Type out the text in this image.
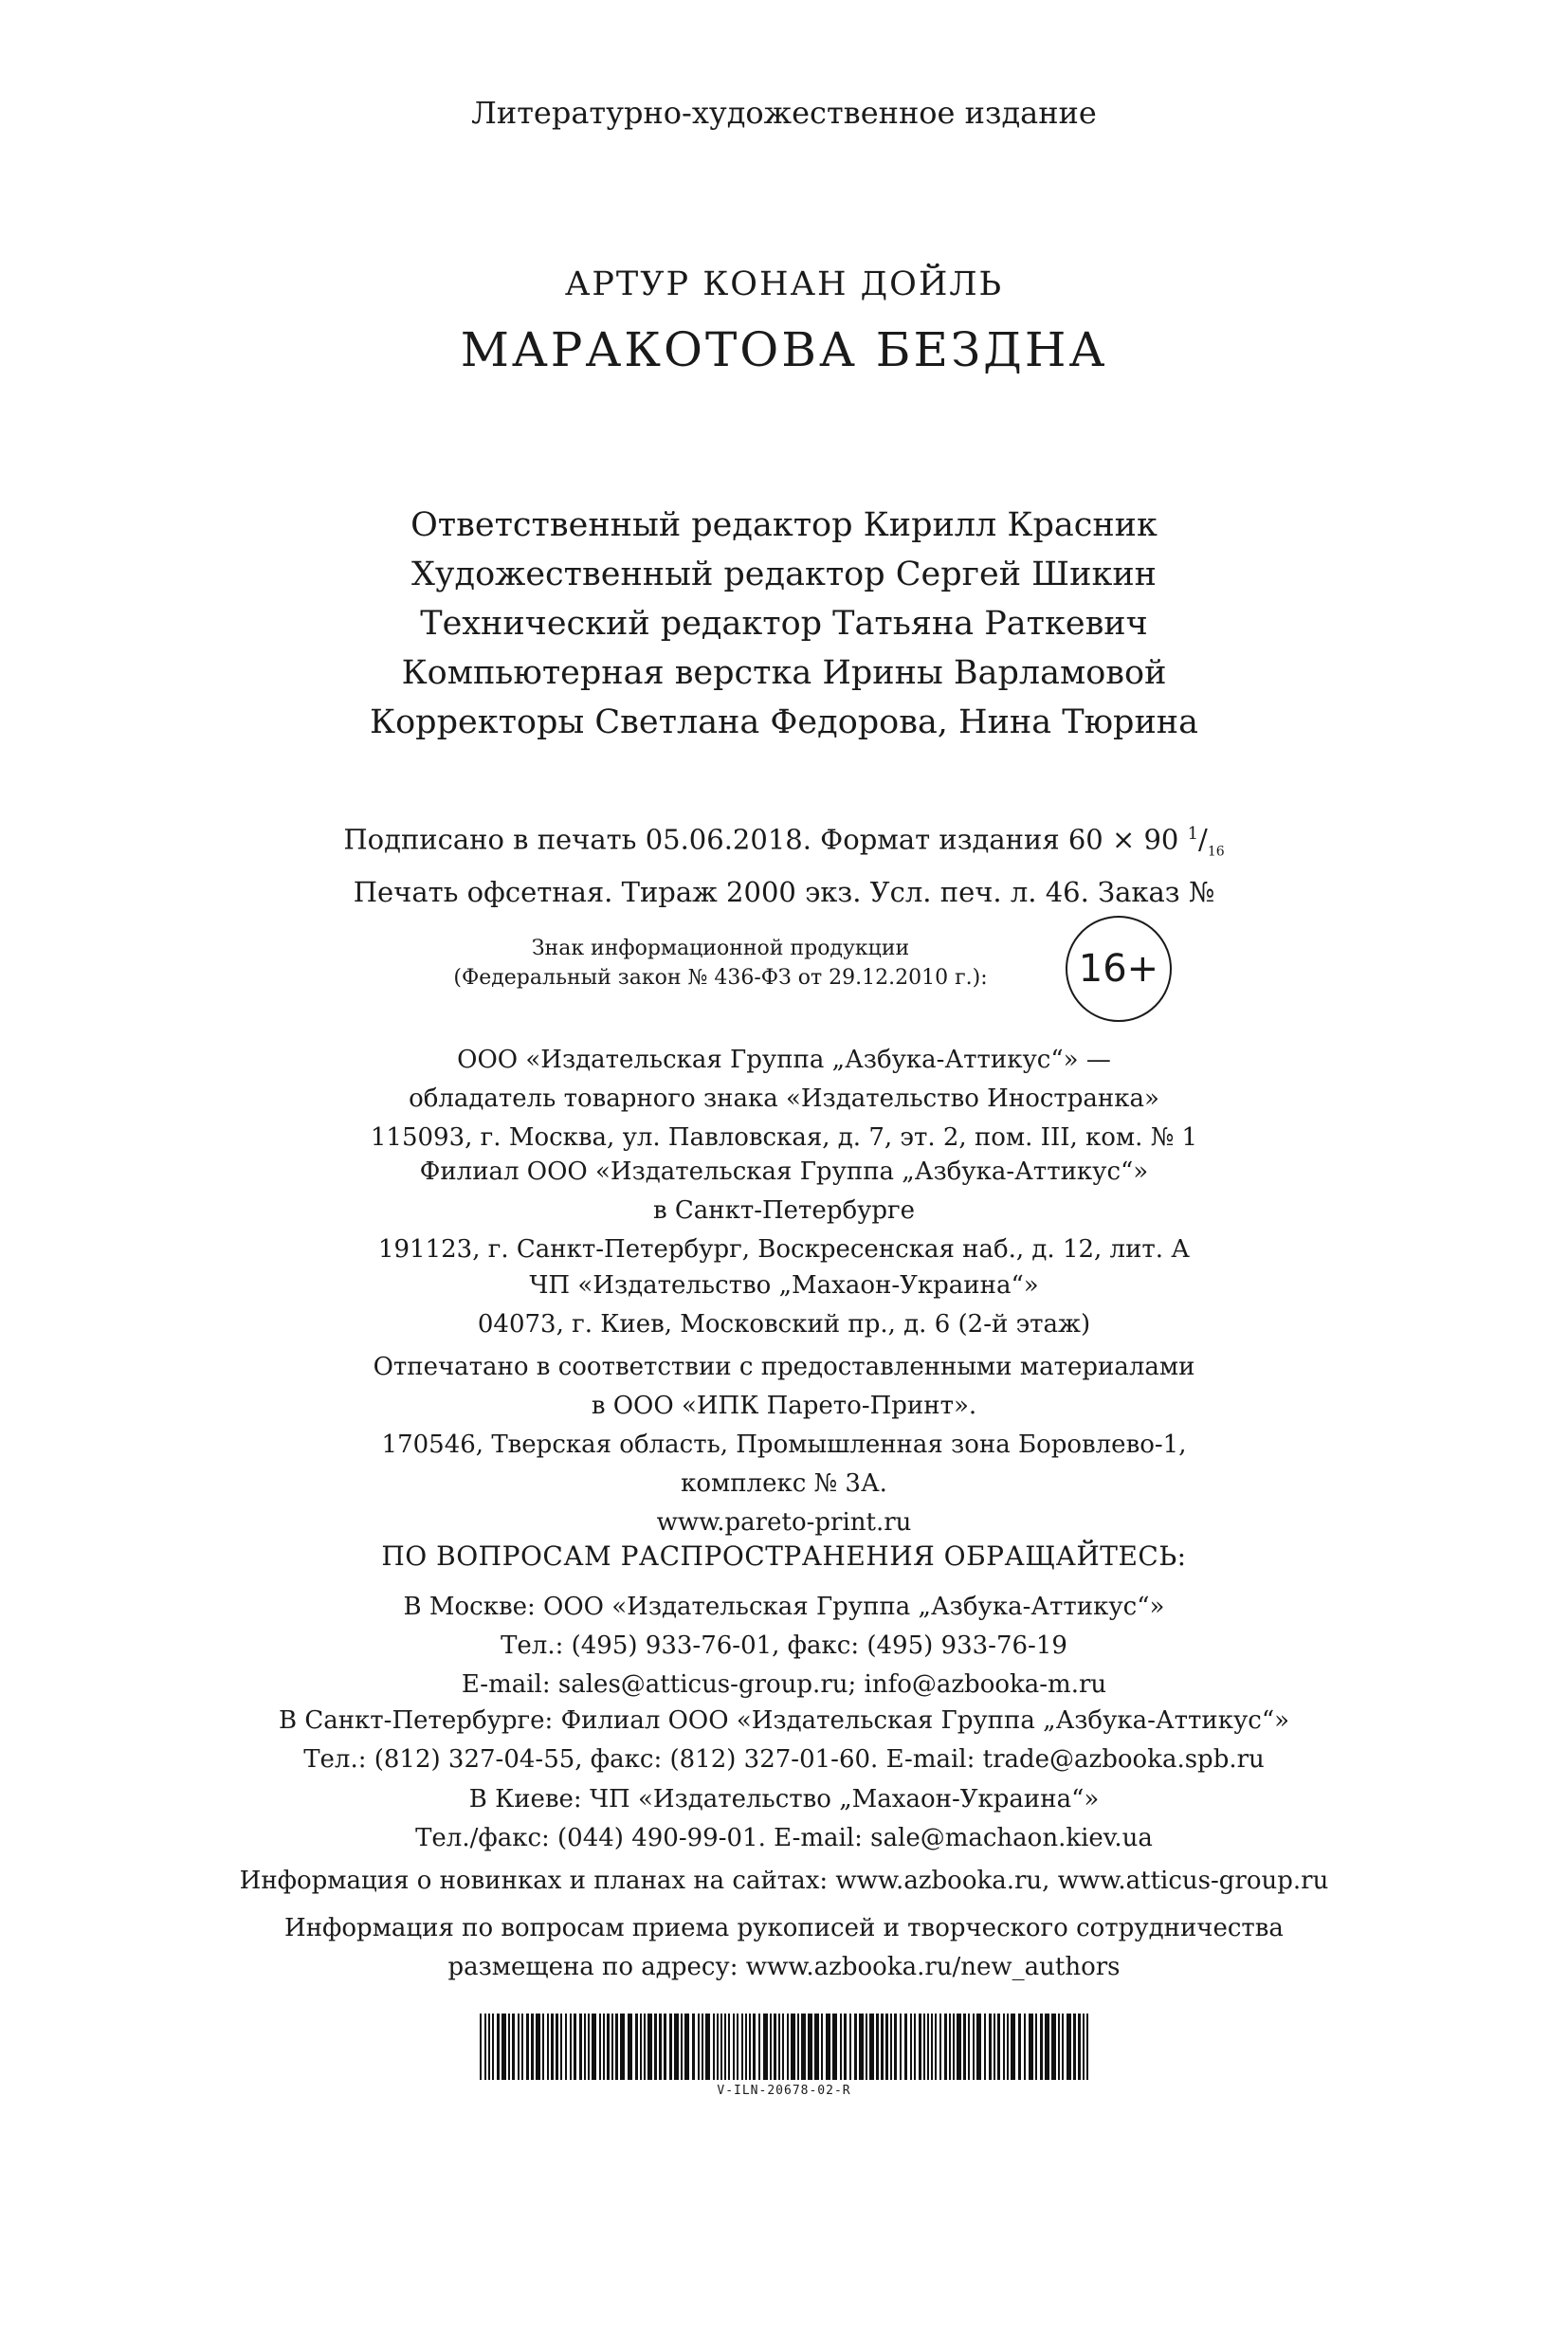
Литературно-художественное издание
АРТУР КОНАН ДОЙЛЬ
МАРАКОТОВА БЕЗДНА
Ответственный редактор Кирилл Красник
Художественный редактор Сергей Шикин
Технический редактор Татьяна Раткевич
Компьютерная верстка Ирины Варламовой
Корректоры Светлана Федорова, Нина Тюрина
Подписано в печать 05.06.2018. Формат издания 60 × 90 $^1/_{16}$
Печать офсетная. Тираж 2000 экз. Усл. печ. л. 46. Заказ №
Знак информационной продукции
(Федеральный закон № 436-ФЗ от 29.12.2010 г.):	16+
ООО «Издательская Группа „Азбука-Аттикус“» —
обладатель товарного знака «Издательство Иностранка»
115093, г. Москва, ул. Павловская, д. 7, эт. 2, пом. III, ком. № 1
Филиал ООО «Издательская Группа „Азбука-Аттикус“»
в Санкт-Петербурге
191123, г. Санкт-Петербург, Воскресенская наб., д. 12, лит. А
ЧП «Издательство „Махаон-Украина“»
04073, г. Киев, Московский пр., д. 6 (2-й этаж)
Отпечатано в соответствии с предоставленными материалами
в ООО «ИПК Парето-Принт».
170546, Тверская область, Промышленная зона Боровлево-1,
комплекс № 3А.
www.pareto-print.ru
ПО ВОПРОСАМ РАСПРОСТРАНЕНИЯ ОБРАЩАЙТЕСЬ:
В Москве: ООО «Издательская Группа „Азбука-Аттикус“»
Тел.: (495) 933-76-01, факс: (495) 933-76-19
E-mail: sales@atticus-group.ru; info@azbooka-m.ru
В Санкт-Петербурге: Филиал ООО «Издательская Группа „Азбука-Аттикус“»
Тел.: (812) 327-04-55, факс: (812) 327-01-60. E-mail: trade@azbooka.spb.ru
В Киеве: ЧП «Издательство „Махаон-Украина“»
Тел./факс: (044) 490-99-01. E-mail: sale@machaon.kiev.ua
Информация о новинках и планах на сайтах: www.azbooka.ru, www.atticus-group.ru
Информация по вопросам приема рукописей и творческого сотрудничества
размещена по адресу: www.azbooka.ru/new_authors
V-ILN-20678-02-R
